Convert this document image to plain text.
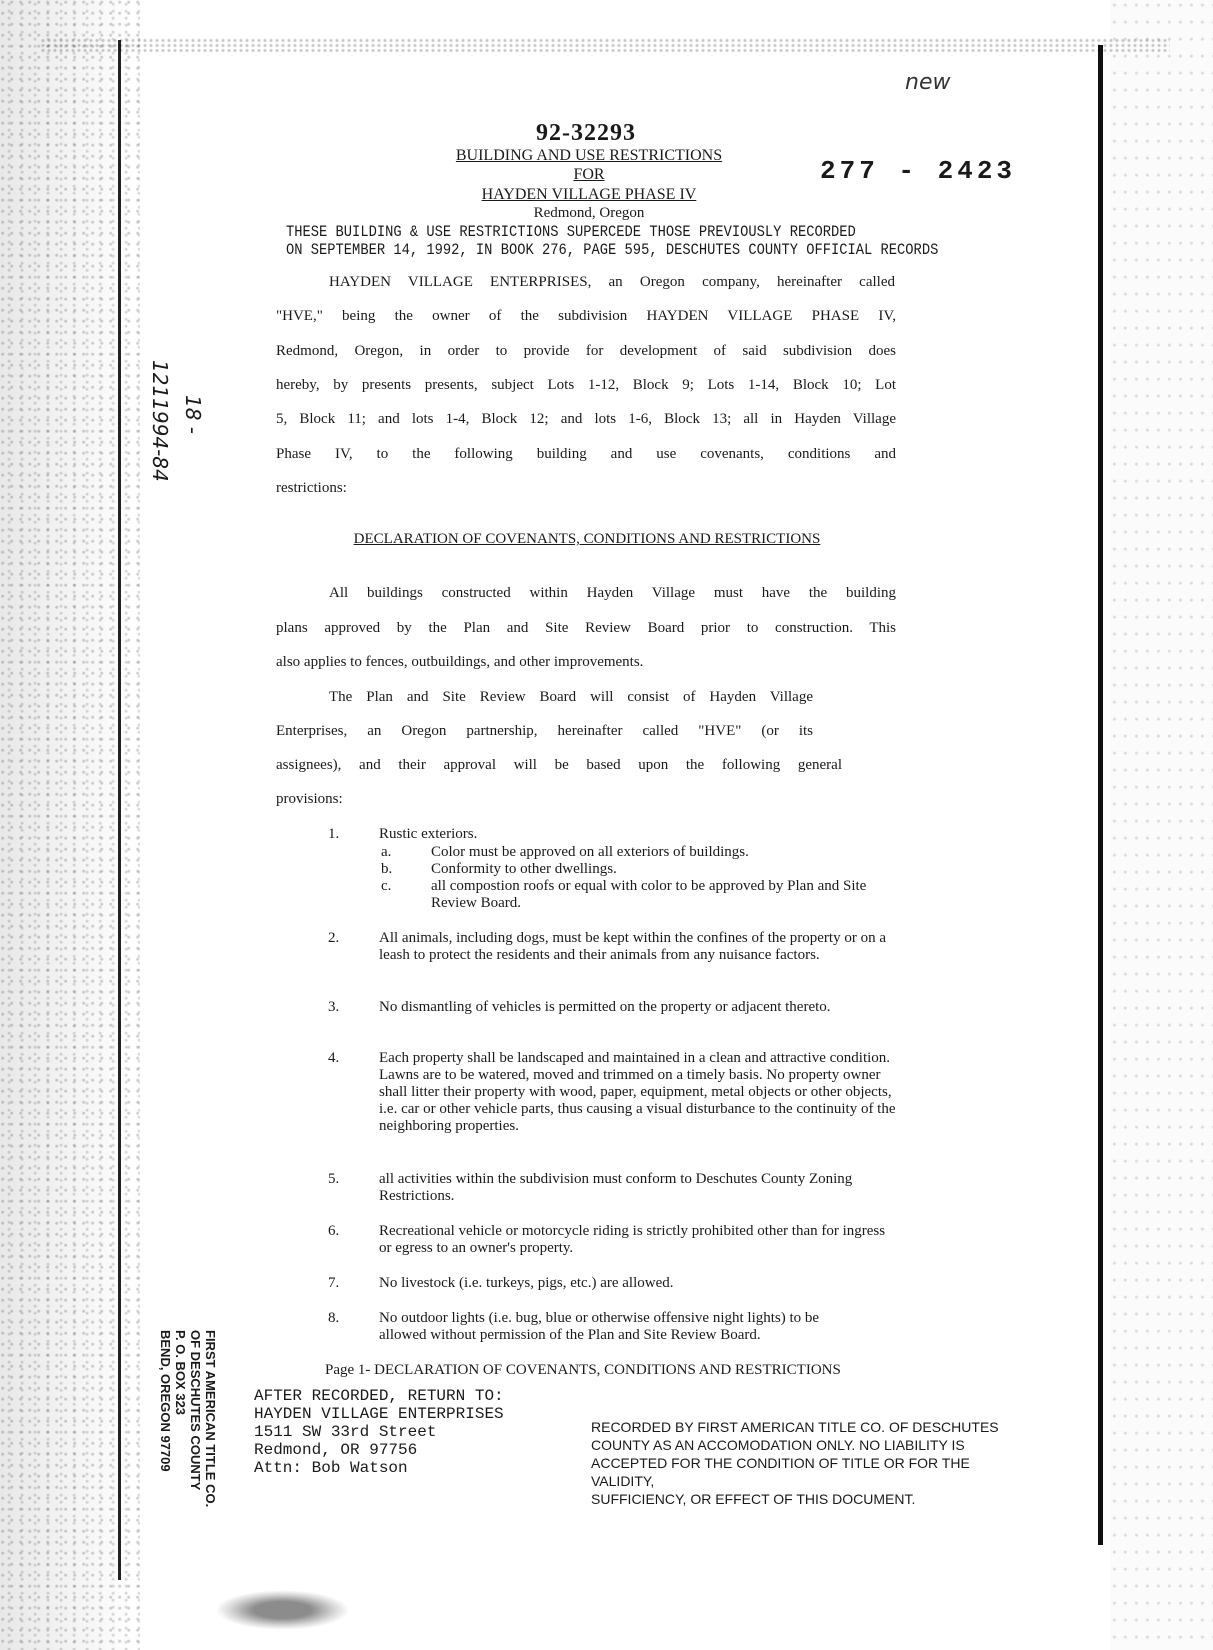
new
92-32293
277 - 2423
BUILDING AND USE RESTRICTIONS
FOR
HAYDEN VILLAGE PHASE IV
Redmond, Oregon
THESE BUILDING & USE RESTRICTIONS SUPERCEDE THOSE PREVIOUSLY RECORDED
ON SEPTEMBER 14, 1992, IN BOOK 276, PAGE 595, DESCHUTES COUNTY OFFICIAL RECORDS
1211994-84 18 -
HAYDEN VILLAGE ENTERPRISES, an Oregon company, hereinafter called
"HVE," being the owner of the subdivision HAYDEN VILLAGE PHASE IV,
Redmond, Oregon, in order to provide for development of said subdivision does
hereby, by presents presents, subject Lots 1-12, Block 9; Lots 1-14, Block 10; Lot
5, Block 11; and lots 1-4, Block 12; and lots 1-6, Block 13; all in Hayden Village
Phase IV, to the following building and use covenants, conditions and
restrictions:
DECLARATION OF COVENANTS, CONDITIONS AND RESTRICTIONS
All buildings constructed within Hayden Village must have the building
plans approved by the Plan and Site Review Board prior to construction. This
also applies to fences, outbuildings, and other improvements.
The Plan and Site Review Board will consist of Hayden Village
Enterprises, an Oregon partnership, hereinafter called "HVE" (or its
assignees), and their approval will be based upon the following general
provisions:
1.	Rustic exteriors.
a.	Color must be approved on all exteriors of buildings.
b.	Conformity to other dwellings.
c.	all compostion roofs or equal with color to be approved by Plan and Site Review Board.
2.	All animals, including dogs, must be kept within the confines of the property or on a leash to protect the residents and their animals from any nuisance factors.
3.	No dismantling of vehicles is permitted on the property or adjacent thereto.
4.	Each property shall be landscaped and maintained in a clean and attractive condition. Lawns are to be watered, moved and trimmed on a timely basis. No property owner shall litter their property with wood, paper, equipment, metal objects or other objects, i.e. car or other vehicle parts, thus causing a visual disturbance to the continuity of the neighboring properties.
5.	all activities within the subdivision must conform to Deschutes County Zoning Restrictions.
6.	Recreational vehicle or motorcycle riding is strictly prohibited other than for ingress or egress to an owner's property.
7.	No livestock (i.e. turkeys, pigs, etc.) are allowed.
8.	No outdoor lights (i.e. bug, blue or otherwise offensive night lights) to be allowed without permission of the Plan and Site Review Board.
Page 1- DECLARATION OF COVENANTS, CONDITIONS AND RESTRICTIONS
AFTER RECORDED, RETURN TO:
HAYDEN VILLAGE ENTERPRISES
1511 SW 33rd Street
Redmond, OR 97756
Attn: Bob Watson
RECORDED BY FIRST AMERICAN TITLE CO. OF DESCHUTES
COUNTY AS AN ACCOMODATION ONLY. NO LIABILITY IS
ACCEPTED FOR THE CONDITION OF TITLE OR FOR THE VALIDITY,
SUFFICIENCY, OR EFFECT OF THIS DOCUMENT.
FIRST AMERICAN TITLE CO.
OF DESCHUTES COUNTY
P. O. BOX 323
BEND, OREGON 97709
